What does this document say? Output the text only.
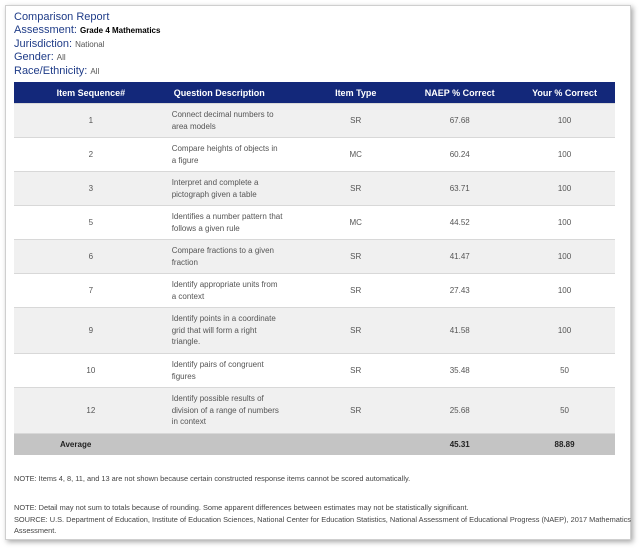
Comparison Report
Assessment: Grade 4 Mathematics
Jurisdiction: National
Gender: All
Race/Ethnicity: All
Item Sequence#	Question Description	Item Type	NAEP % Correct	Your % Correct
1	Connect decimal numbers to area models	SR	67.68	100
2	Compare heights of objects in a figure	MC	60.24	100
3	Interpret and complete a pictograph given a table	SR	63.71	100
5	Identifies a number pattern that follows a given rule	MC	44.52	100
6	Compare fractions to a given fraction	SR	41.47	100
7	Identify appropriate units from a context	SR	27.43	100
9	Identify points in a coordinate grid that will form a right triangle.	SR	41.58	100
10	Identify pairs of congruent figures	SR	35.48	50
12	Identify possible results of division of a range of numbers in context	SR	25.68	50
Average			45.31	88.89
NOTE: Items 4, 8, 11, and 13 are not shown because certain constructed response items cannot be scored automatically.
NOTE: Detail may not sum to totals because of rounding. Some apparent differences between estimates may not be statistically significant.
SOURCE: U.S. Department of Education, Institute of Education Sciences, National Center for Education Statistics, National Assessment of Educational Progress (NAEP), 2017 Mathematics Assessment.
